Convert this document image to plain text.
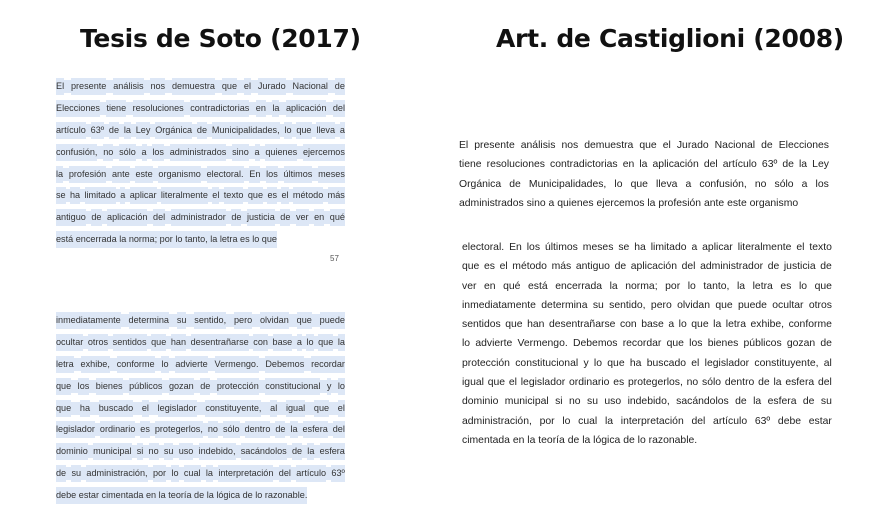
Tesis de Soto (2017)	Art. de Castiglioni (2008)
El presente análisis nos demuestra que el Jurado Nacional de
Elecciones tiene resoluciones contradictorias en la aplicación del
artículo 63º de la Ley Orgánica de Municipalidades, lo que lleva a
confusión, no sólo a los administrados sino a quienes ejercemos
la profesión ante este organismo electoral. En los últimos meses
se ha limitado a aplicar literalmente el texto que es el método más
antiguo de aplicación del administrador de justicia de ver en qué
está encerrada la norma; por lo tanto, la letra es lo que
57
inmediatamente determina su sentido, pero olvidan que puede
ocultar otros sentidos que han desentrañarse con base a lo que la
letra exhibe, conforme lo advierte Vermengo. Debemos recordar
que los bienes públicos gozan de protección constitucional y lo
que ha buscado el legislador constituyente, al igual que el
legislador ordinario es protegerlos, no sólo dentro de la esfera del
dominio municipal si no su uso indebido, sacándolos de la esfera
de su administración, por lo cual la interpretación del artículo 63º
debe estar cimentada en la teoría de la lógica de lo razonable.
El presente análisis nos demuestra que el Jurado Nacional de Elecciones
tiene resoluciones contradictorias en la aplicación del artículo 63º de la Ley
Orgánica de Municipalidades, lo que lleva a confusión, no sólo a los
administrados sino a quienes ejercemos la profesión ante este organismo
electoral. En los últimos meses se ha limitado a aplicar literalmente el texto
que es el método más antiguo de aplicación del administrador de justicia de
ver en qué está encerrada la norma; por lo tanto, la letra es lo que
inmediatamente determina su sentido, pero olvidan que puede ocultar otros
sentidos que han desentrañarse con base a lo que la letra exhibe, conforme
lo advierte Vermengo. Debemos recordar que los bienes públicos gozan de
protección constitucional y lo que ha buscado el legislador constituyente, al
igual que el legislador ordinario es protegerlos, no sólo dentro de la esfera del
dominio municipal si no su uso indebido, sacándolos de la esfera de su
administración, por lo cual la interpretación del artículo 63º debe estar
cimentada en la teoría de la lógica de lo razonable.
